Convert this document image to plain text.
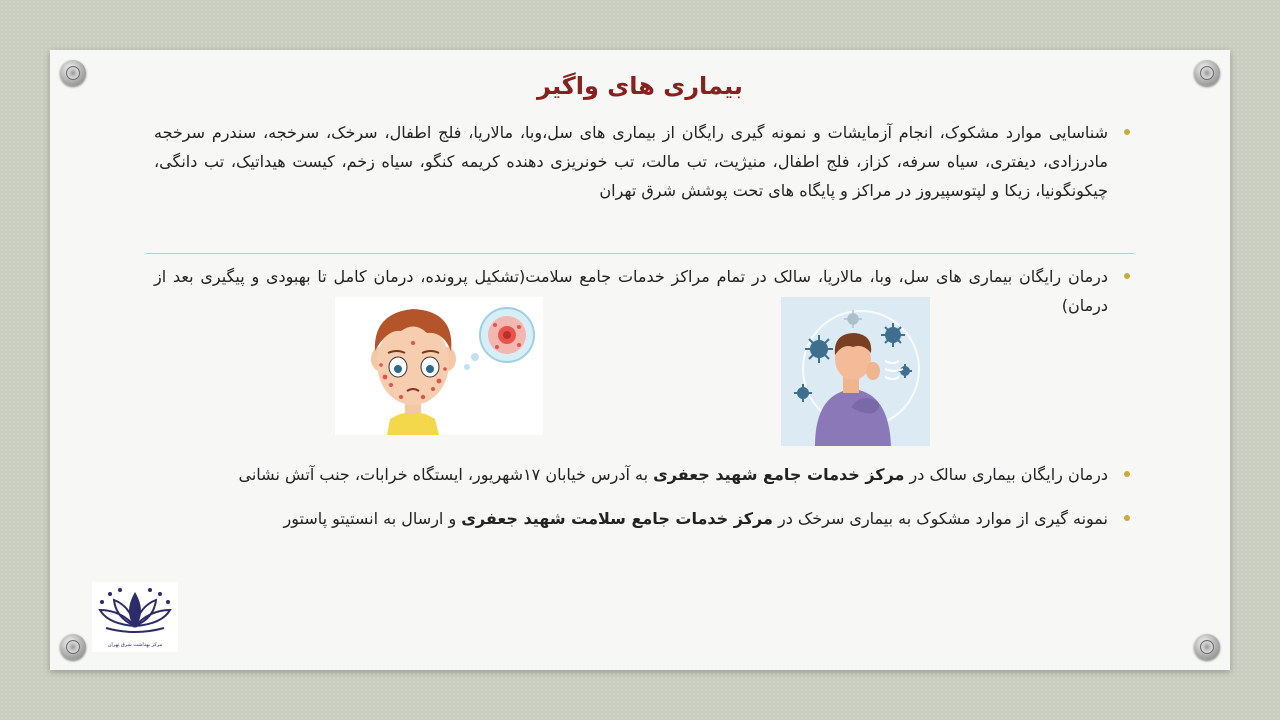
بیماری های واگیر
شناسایی موارد مشکوک، انجام آزمایشات و نمونه گیری رایگان از بیماری های سل،وبا، مالاریا، فلج اطفال، سرخک، سرخجه، سندرم سرخجه مادرزادی، دیفتری، سیاه سرفه، کزاز، فلج اطفال، منیژیت، تب مالت، تب خونریزی دهنده کریمه کنگو، سیاه زخم، کیست هیداتیک، تب دانگی، چیکونگونیا، زیکا و لپتوسپیروز در مراکز و پایگاه های تحت پوشش شرق تهران
درمان رایگان بیماری های سل، وبا، مالاریا، سالک در تمام مراکز خدمات جامع سلامت(تشکیل پرونده، درمان کامل تا بهبودی و پیگیری بعد از درمان)
درمان رایگان بیماری سالک در مرکز خدمات جامع شهید جعفری به آدرس خیابان ۱۷شهریور، ایستگاه خرابات، جنب آتش نشانی
نمونه گیری از موارد مشکوک به بیماری سرخک در مرکز خدمات جامع سلامت شهید جعفری و ارسال به انستیتو پاستور
مرکز بهداشت شرق تهران
